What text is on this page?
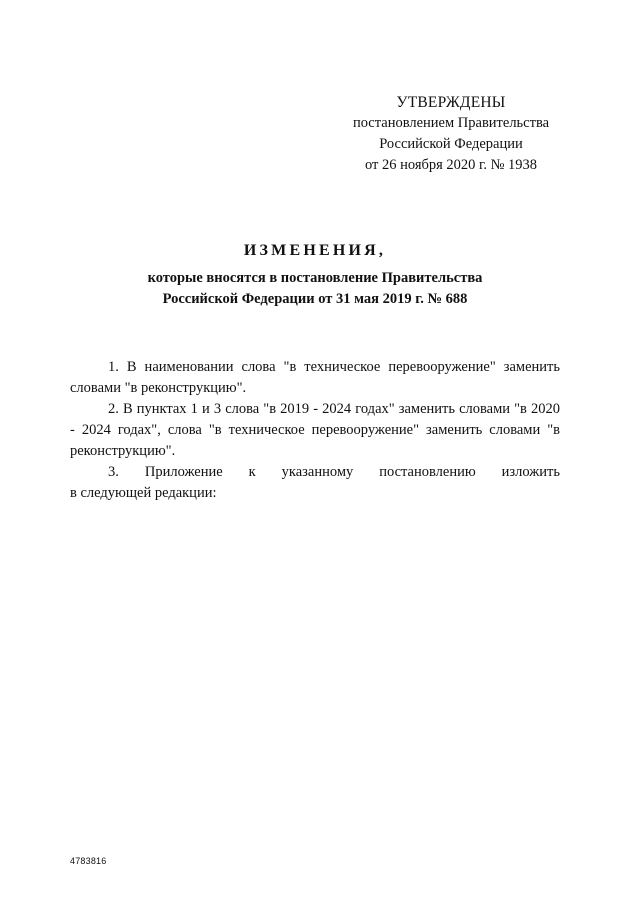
УТВЕРЖДЕНЫ
постановлением Правительства
Российской Федерации
от 26 ноября 2020 г. № 1938
ИЗМЕНЕНИЯ,
которые вносятся в постановление Правительства
Российской Федерации от 31 мая 2019 г. № 688

1. В наименовании слова "в техническое перевооружение" заменить

словами "в реконструкцию".

2. В пунктах 1 и 3 слова "в 2019 - 2024 годах" заменить словами "в 2020 - 2024 годах", слова "в техническое перевооружение" заменить словами "в реконструкцию".

3. Приложение к указанному постановлению изложить

в следующей редакции:

4783816
